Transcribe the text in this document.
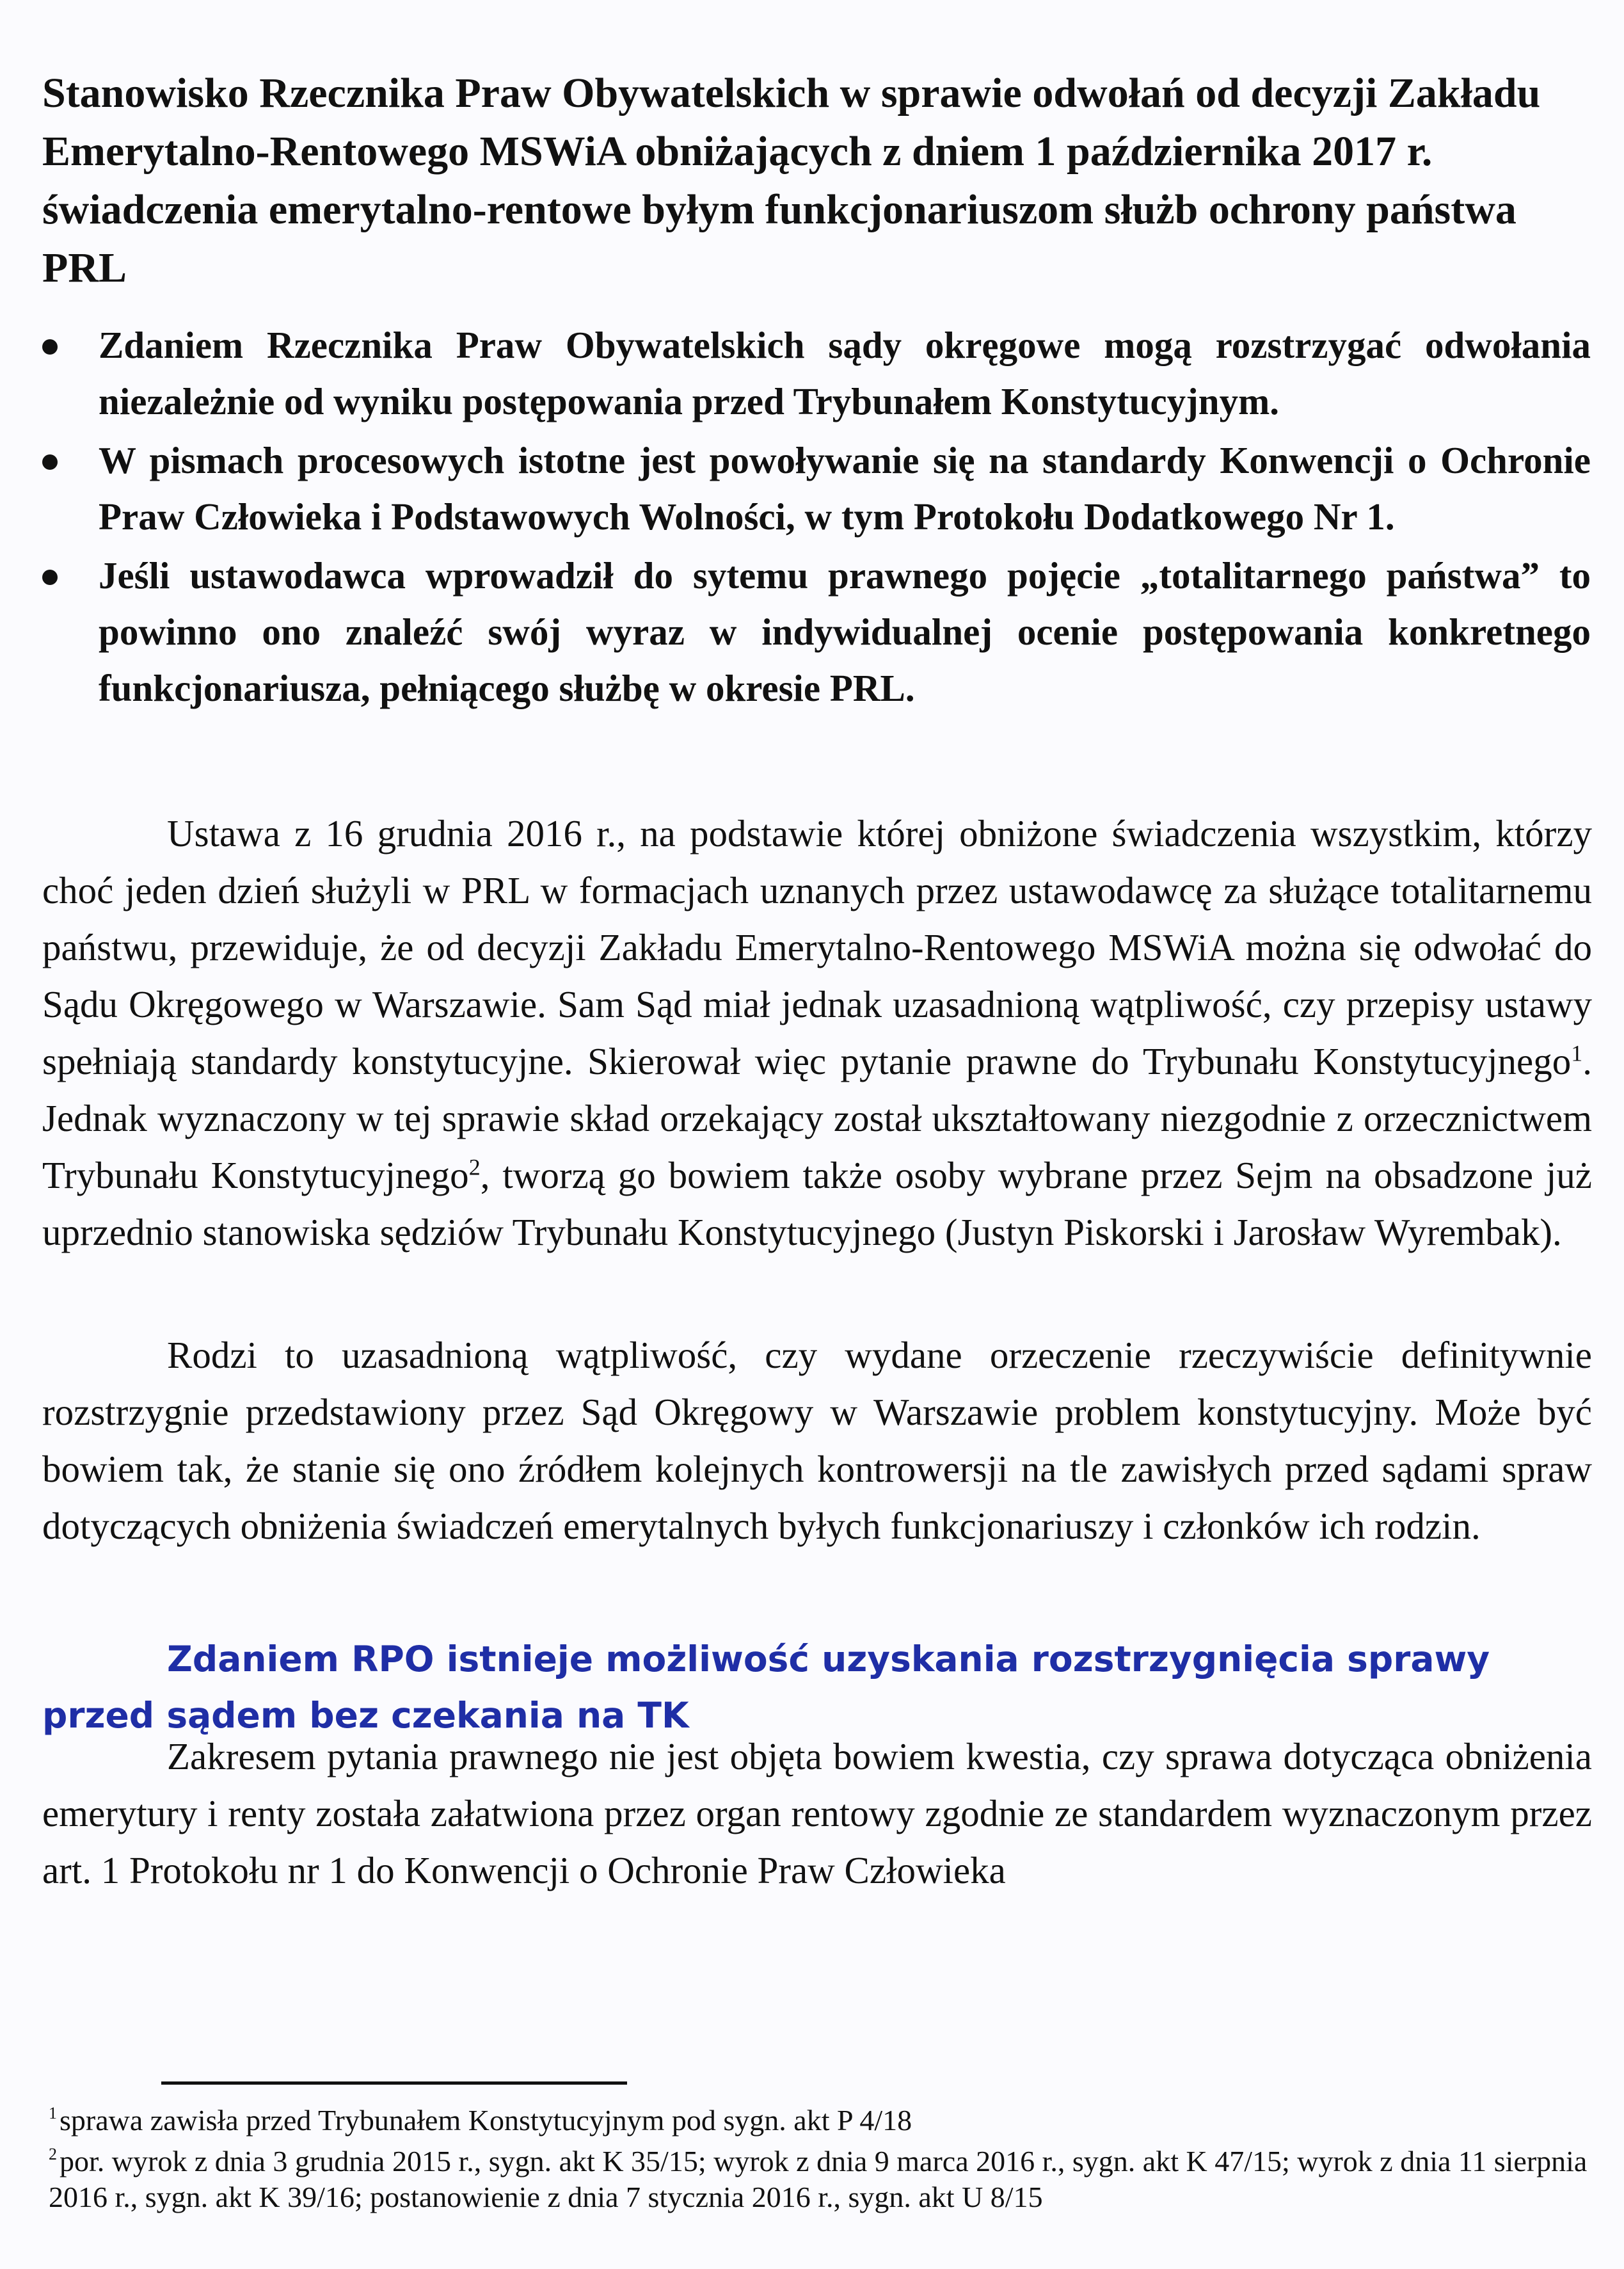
Stanowisko Rzecznika Praw Obywatelskich w sprawie odwołań od decyzji Zakładu Emerytalno-Rentowego MSWiA obniżających z dniem 1 października 2017 r. świadczenia emerytalno-rentowe byłym funkcjonariuszom służb ochrony państwa PRL
Zdaniem Rzecznika Praw Obywatelskich sądy okręgowe mogą rozstrzygać odwołania niezależnie od wyniku postępowania przed Trybunałem Konstytucyjnym.
W pismach procesowych istotne jest powoływanie się na standardy Konwencji o Ochronie Praw Człowieka i Podstawowych Wolności, w tym Protokołu Dodatkowego Nr 1.
Jeśli ustawodawca wprowadził do sytemu prawnego pojęcie „totalitarnego państwa” to powinno ono znaleźć swój wyraz w indywidualnej ocenie postępowania konkretnego funkcjonariusza, pełniącego służbę w okresie PRL.

Ustawa z 16 grudnia 2016 r., na podstawie której obniżone świadczenia wszystkim, którzy choć jeden dzień służyli w PRL w formacjach uznanych przez ustawodawcę za służące totalitarnemu państwu, przewiduje, że od decyzji Zakładu Emerytalno-Rentowego MSWiA można się odwołać do Sądu Okręgowego w Warszawie. Sam Sąd miał jednak uzasadnioną wątpliwość, czy przepisy ustawy spełniają standardy konstytucyjne. Skierował więc pytanie prawne do Trybunału Konstytucyjnego$^1$. Jednak wyznaczony w tej sprawie skład orzekający został ukształtowany niezgodnie z orzecznictwem Trybunału Konstytucyjnego$^2$, tworzą go bowiem także osoby wybrane przez Sejm na obsadzone już uprzednio stanowiska sędziów Trybunału Konstytucyjnego (Justyn Piskorski i Jarosław Wyrembak).

Rodzi to uzasadnioną wątpliwość, czy wydane orzeczenie rzeczywiście definitywnie rozstrzygnie przedstawiony przez Sąd Okręgowy w Warszawie problem konstytucyjny. Może być bowiem tak, że stanie się ono źródłem kolejnych kontrowersji na tle zawisłych przed sądami spraw dotyczących obniżenia świadczeń emerytalnych byłych funkcjonariuszy i członków ich rodzin.

Zdaniem RPO istnieje możliwość uzyskania rozstrzygnięcia sprawy przed sądem bez czekania na TK

Zakresem pytania prawnego nie jest objęta bowiem kwestia, czy sprawa dotycząca obniżenia emerytury i renty została załatwiona przez organ rentowy zgodnie ze standardem wyznaczonym przez art. 1 Protokołu nr 1 do Konwencji o Ochronie Praw Człowieka

$^1$sprawa zawisła przed Trybunałem Konstytucyjnym pod sygn. akt P 4/18

$^2$por. wyrok z dnia 3 grudnia 2015 r., sygn. akt K 35/15; wyrok z dnia 9 marca 2016 r., sygn. akt K 47/15; wyrok z dnia 11 sierpnia 2016 r., sygn. akt K 39/16; postanowienie z dnia 7 stycznia 2016 r., sygn. akt U 8/15
